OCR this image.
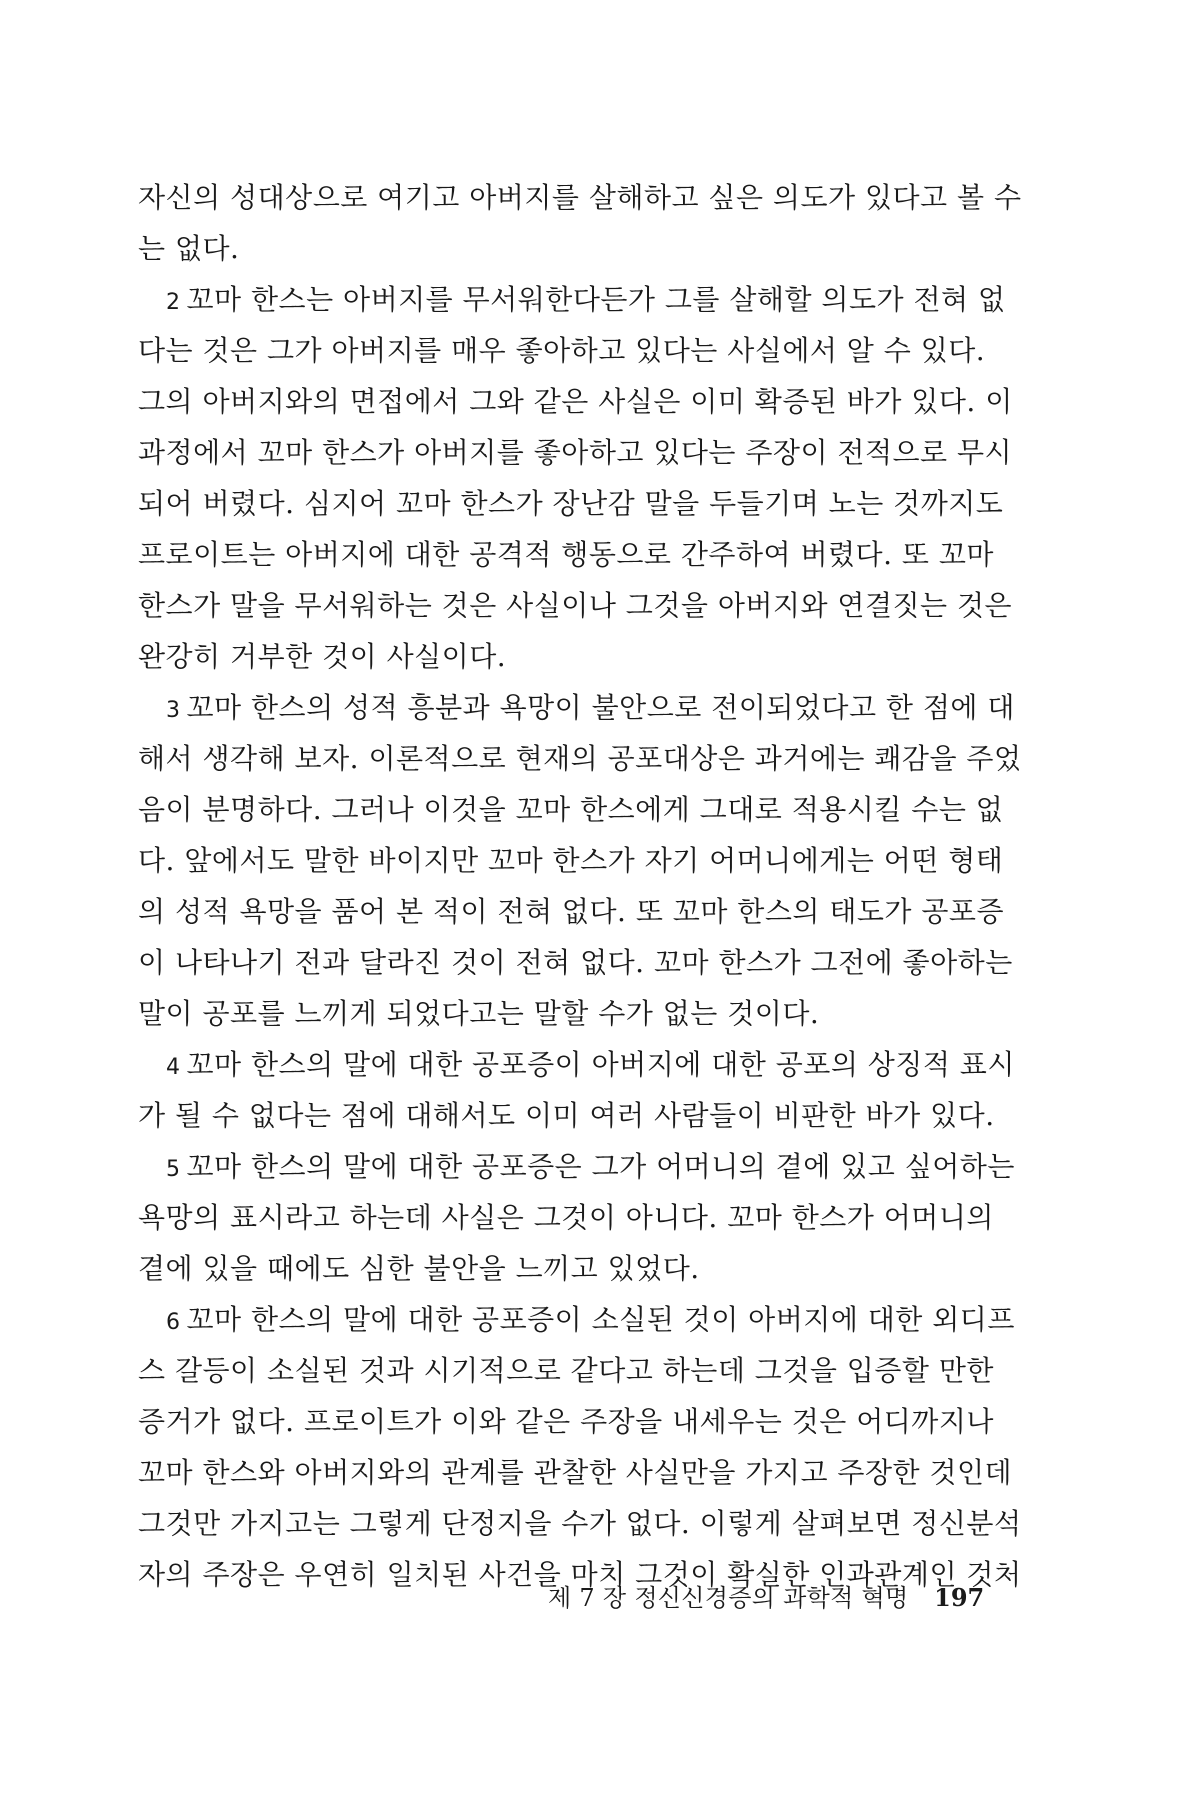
자신의 성대상으로 여기고 아버지를 살해하고 싶은 의도가 있다고 볼 수
는 없다.
2 꼬마 한스는 아버지를 무서워한다든가 그를 살해할 의도가 전혀 없
다는 것은 그가 아버지를 매우 좋아하고 있다는 사실에서 알 수 있다.
그의 아버지와의 면접에서 그와 같은 사실은 이미 확증된 바가 있다. 이
과정에서 꼬마 한스가 아버지를 좋아하고 있다는 주장이 전적으로 무시
되어 버렸다. 심지어 꼬마 한스가 장난감 말을 두들기며 노는 것까지도
프로이트는 아버지에 대한 공격적 행동으로 간주하여 버렸다. 또 꼬마
한스가 말을 무서워하는 것은 사실이나 그것을 아버지와 연결짓는 것은
완강히 거부한 것이 사실이다.
3 꼬마 한스의 성적 흥분과 욕망이 불안으로 전이되었다고 한 점에 대
해서 생각해 보자. 이론적으로 현재의 공포대상은 과거에는 쾌감을 주었
음이 분명하다. 그러나 이것을 꼬마 한스에게 그대로 적용시킬 수는 없
다. 앞에서도 말한 바이지만 꼬마 한스가 자기 어머니에게는 어떤 형태
의 성적 욕망을 품어 본 적이 전혀 없다. 또 꼬마 한스의 태도가 공포증
이 나타나기 전과 달라진 것이 전혀 없다. 꼬마 한스가 그전에 좋아하는
말이 공포를 느끼게 되었다고는 말할 수가 없는 것이다.
4 꼬마 한스의 말에 대한 공포증이 아버지에 대한 공포의 상징적 표시
가 될 수 없다는 점에 대해서도 이미 여러 사람들이 비판한 바가 있다.
5 꼬마 한스의 말에 대한 공포증은 그가 어머니의 곁에 있고 싶어하는
욕망의 표시라고 하는데 사실은 그것이 아니다. 꼬마 한스가 어머니의
곁에 있을 때에도 심한 불안을 느끼고 있었다.
6 꼬마 한스의 말에 대한 공포증이 소실된 것이 아버지에 대한 외디프
스 갈등이 소실된 것과 시기적으로 같다고 하는데 그것을 입증할 만한
증거가 없다. 프로이트가 이와 같은 주장을 내세우는 것은 어디까지나
꼬마 한스와 아버지와의 관계를 관찰한 사실만을 가지고 주장한 것인데
그것만 가지고는 그렇게 단정지을 수가 없다. 이렇게 살펴보면 정신분석
자의 주장은 우연히 일치된 사건을 마치 그것이 확실한 인과관계인 것처
제 7 장 정신신경증의 과학적 혁명 197
